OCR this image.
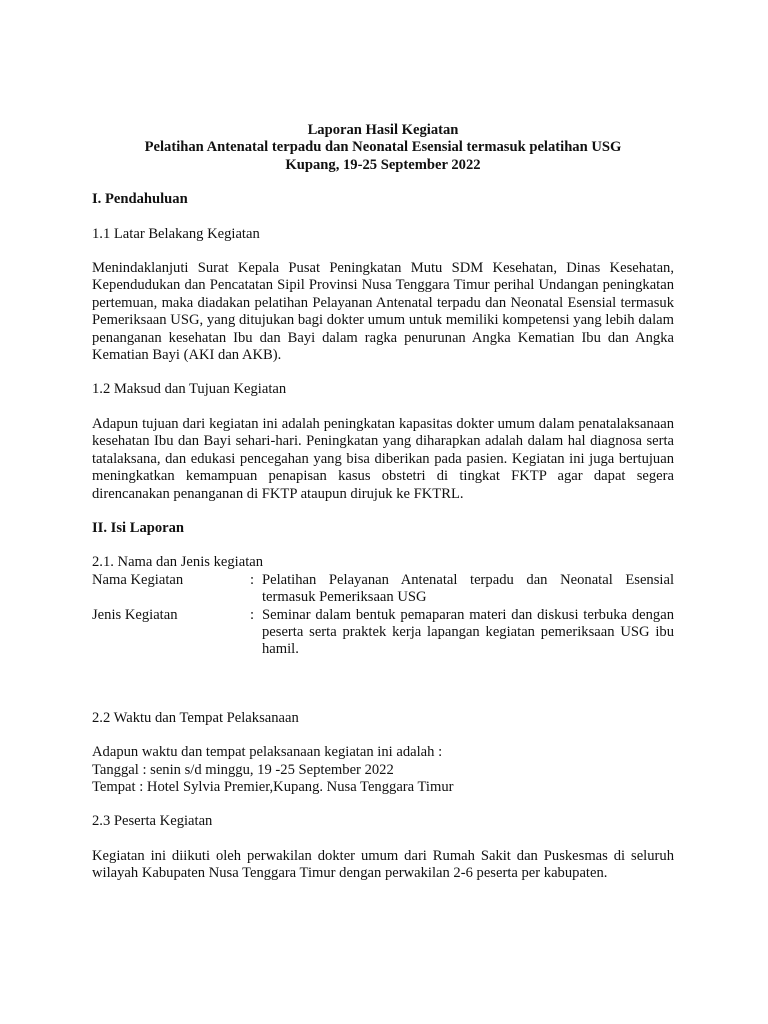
Laporan Hasil Kegiatan
Pelatihan Antenatal terpadu dan Neonatal Esensial termasuk pelatihan USG
Kupang, 19-25 September 2022
I. Pendahuluan
1.1 Latar Belakang Kegiatan
Menindaklanjuti Surat Kepala Pusat Peningkatan Mutu SDM Kesehatan, Dinas Kesehatan, Kependudukan dan Pencatatan Sipil Provinsi Nusa Tenggara Timur perihal Undangan peningkatan pertemuan, maka diadakan pelatihan Pelayanan Antenatal terpadu dan Neonatal Esensial termasuk Pemeriksaan USG, yang ditujukan bagi dokter umum untuk memiliki kompetensi yang lebih dalam penanganan kesehatan Ibu dan Bayi dalam ragka penurunan Angka Kematian Ibu dan Angka Kematian Bayi (AKI dan AKB).
1.2 Maksud dan Tujuan Kegiatan
Adapun tujuan dari kegiatan ini adalah peningkatan kapasitas dokter umum dalam penatalaksanaan kesehatan Ibu dan Bayi sehari-hari. Peningkatan yang diharapkan adalah dalam hal diagnosa serta tatalaksana, dan edukasi pencegahan yang bisa diberikan pada pasien. Kegiatan ini juga bertujuan meningkatkan kemampuan penapisan kasus obstetri di tingkat FKTP agar dapat segera direncanakan penanganan di FKTP ataupun dirujuk ke FKTRL.
II. Isi Laporan
2.1. Nama dan Jenis kegiatan
Nama Kegiatan	: Pelatihan Pelayanan Antenatal terpadu dan Neonatal Esensial termasuk Pemeriksaan USG
Jenis Kegiatan	: Seminar dalam bentuk pemaparan materi dan diskusi terbuka dengan peserta serta praktek kerja lapangan kegiatan pemeriksaan USG ibu hamil.
2.2 Waktu dan Tempat Pelaksanaan
Adapun waktu dan tempat pelaksanaan kegiatan ini adalah :
Tanggal : senin s/d minggu, 19 -25 September 2022
Tempat : Hotel Sylvia Premier,Kupang. Nusa Tenggara Timur
2.3 Peserta Kegiatan
Kegiatan ini diikuti oleh perwakilan dokter umum dari Rumah Sakit dan Puskesmas di seluruh wilayah Kabupaten Nusa Tenggara Timur dengan perwakilan 2-6 peserta per kabupaten.
